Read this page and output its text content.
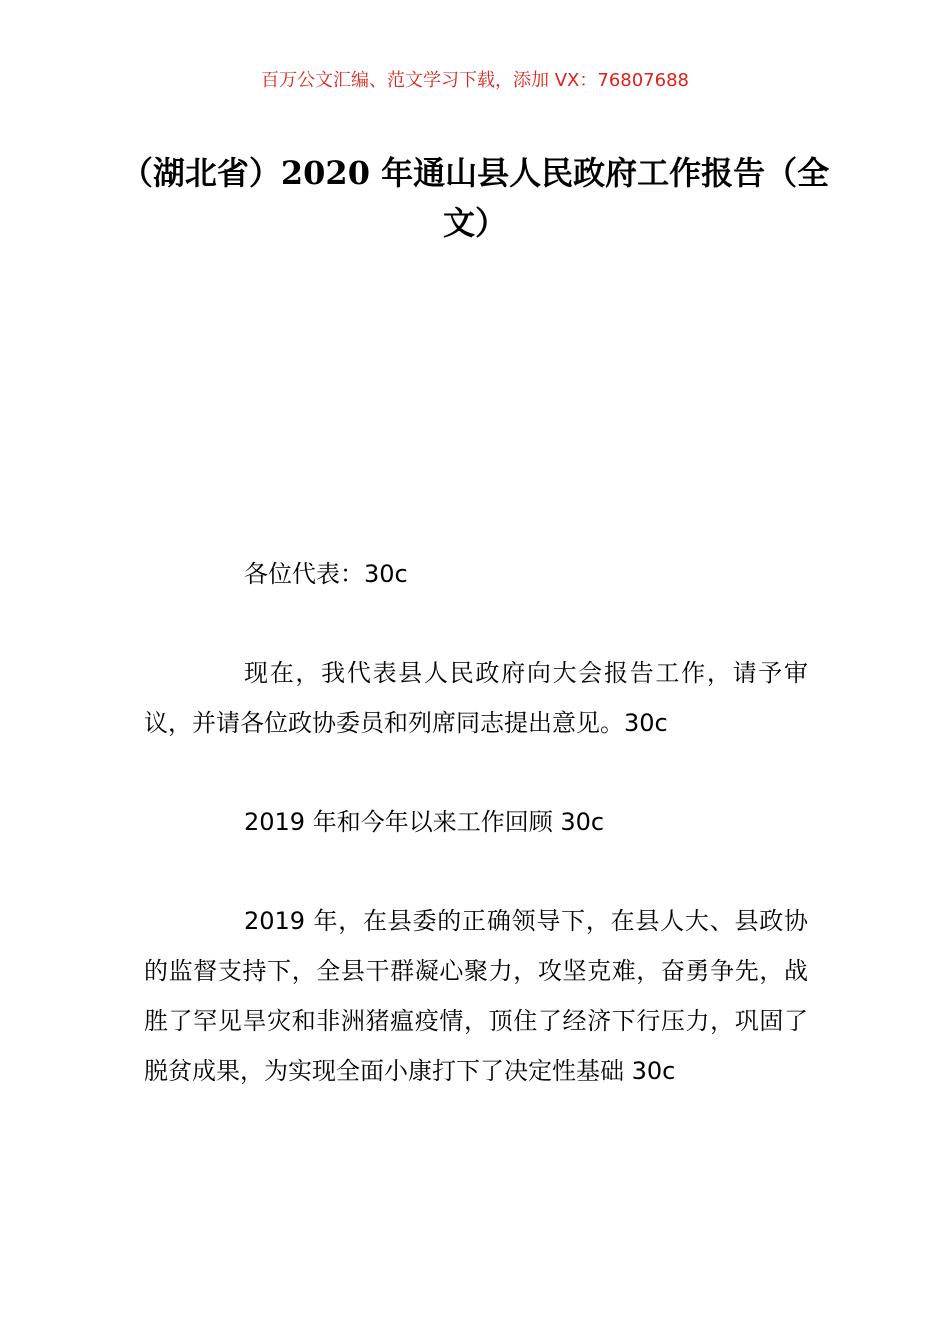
百万公文汇编、范文学习下载，添加 VX：76807688
（湖北省）2020 年通山县人民政府工作报告（全文）
各位代表：30c
现在，我代表县人民政府向大会报告工作，请予审议，并请各位政协委员和列席同志提出意见。30c
2019 年和今年以来工作回顾 30c
2019 年，在县委的正确领导下，在县人大、县政协的监督支持下，全县干群凝心聚力，攻坚克难，奋勇争先，战胜了罕见旱灾和非洲猪瘟疫情，顶住了经济下行压力，巩固了脱贫成果，为实现全面小康打下了决定性基础 30c
